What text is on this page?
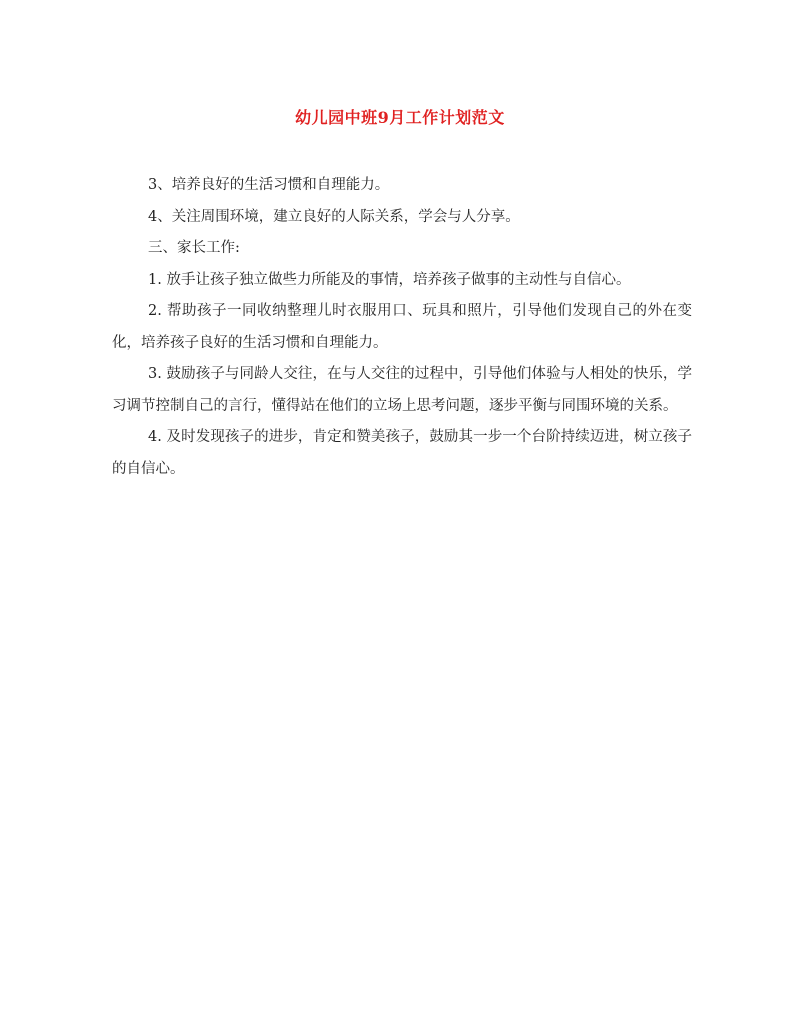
幼儿园中班9月工作计划范文

3、培养良好的生活习惯和自理能力。

4、关注周围环境，建立良好的人际关系，学会与人分享。

三、家长工作:

1. 放手让孩子独立做些力所能及的事情，培养孩子做事的主动性与自信心。

2. 帮助孩子一同收纳整理儿时衣服用口、玩具和照片，引导他们发现自己的外在变化，培养孩子良好的生活习惯和自理能力。

3. 鼓励孩子与同龄人交往，在与人交往的过程中，引导他们体验与人相处的快乐，学习调节控制自己的言行，懂得站在他们的立场上思考问题，逐步平衡与同围环境的关系。

4. 及时发现孩子的进步，肯定和赞美孩子，鼓励其一步一个台阶持续迈进，树立孩子的自信心。
